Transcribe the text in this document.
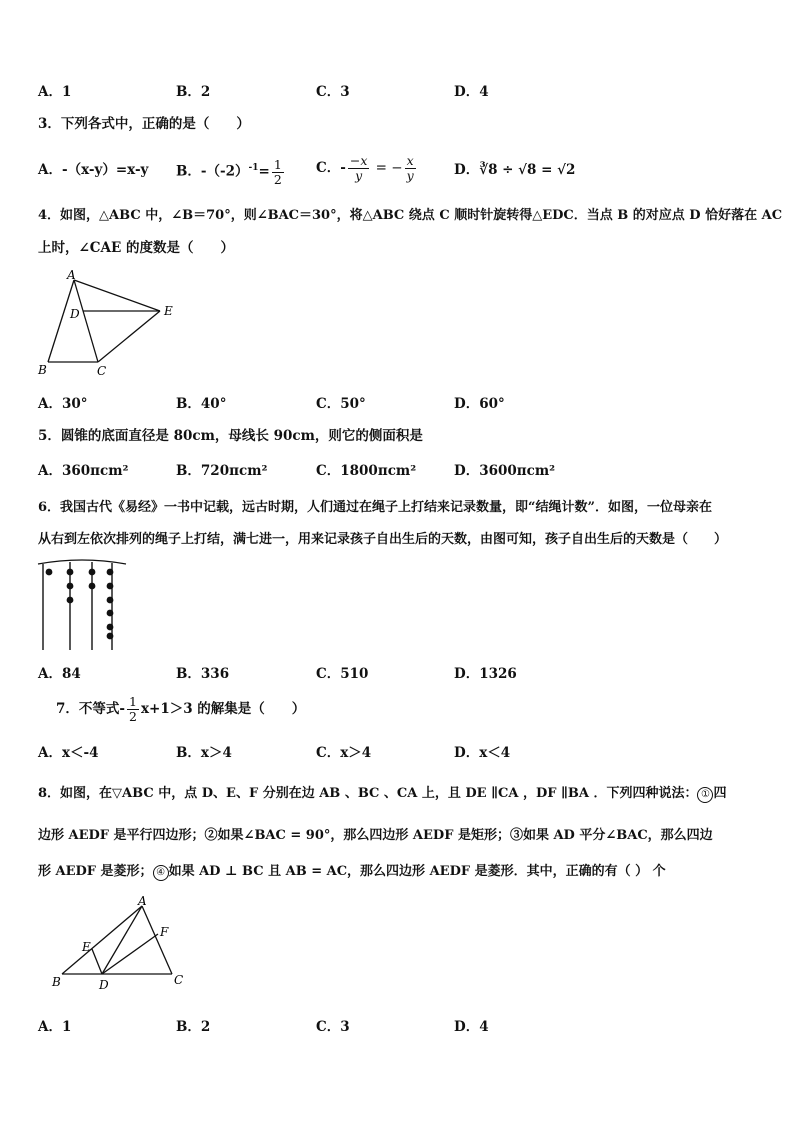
A．1	B．2	C．3	D．4
3．下列各式中，正确的是（　　）
A．-（x-y）=x-y B．$-(-2)^{-1}= \frac{1}{2}$ C．- $\frac{-x}{y}$ = − $\frac{x}{y}$	D．∛8 ÷ √8 = √2
4．如图，△ABC 中，∠B＝70°，则∠BAC＝30°，将△ABC 绕点 C 顺时针旋转得△EDC．当点 B 的对应点 D 恰好落在 AC
上时，∠CAE 的度数是（　　）
A
D	E
B	C
A．30°	B．40°	C．50°	D．60°
5．圆锥的底面直径是 80cm，母线长 90cm，则它的侧面积是
A．360πcm²	B．720πcm²	C．1800πcm²	D．3600πcm²
6．我国古代《易经》一书中记载，远古时期，人们通过在绳子上打结来记录数量，即“结绳计数”．如图，一位母亲在
从右到左依次排列的绳子上打结，满七进一，用来记录孩子自出生后的天数，由图可知，孩子自出生后的天数是（　　）
A．84	B．336	C．510	D．1326
7．不等式- $\frac{1}{2} x+1>3$ 的解集是（　　）
A．x＜-4	B．x＞4	C．x＞4	D．x＜4
8．如图，在▽ABC 中，点 D、E、F 分别在边 AB 、BC 、CA 上，且 DE ∥CA ，DF ∥BA ．下列四种说法： ① 四
边形 AEDF 是平行四边形；②如果∠BAC = 90°，那么四边形 AEDF 是矩形；③如果 AD 平分∠BAC，那么四边
形 AEDF 是菱形； ④ 如果 AD ⊥ BC 且 AB = AC，那么四边形 AEDF 是菱形．其中，正确的有（ ） 个
A
F
E
B	D	C
A．1	B．2	C．3	D．4
